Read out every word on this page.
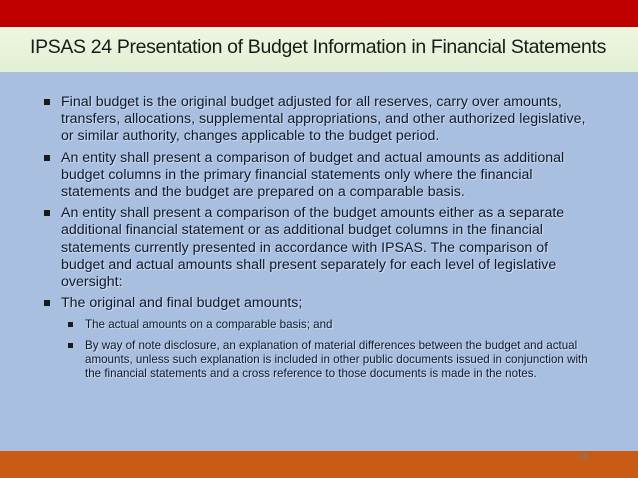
IPSAS 24 Presentation of Budget Information in Financial Statements
Final budget is the original budget adjusted for all reserves, carry over amounts, transfers, allocations, supplemental appropriations, and other authorized legislative, or similar authority, changes applicable to the budget period.
An entity shall present a comparison of budget and actual amounts as additional budget columns in the primary financial statements only where the financial statements and the budget are prepared on a comparable basis.
An entity shall present a comparison of the budget amounts either as a separate additional financial statement or as additional budget columns in the financial statements currently presented in accordance with IPSAS. The comparison of budget and actual amounts shall present separately for each level of legislative oversight:
The original and final budget amounts;
The actual amounts on a comparable basis; and
By way of note disclosure, an explanation of material differences between the budget and actual amounts, unless such explanation is included in other public documents issued in conjunction with the financial statements and a cross reference to those documents is made in the notes.
18
